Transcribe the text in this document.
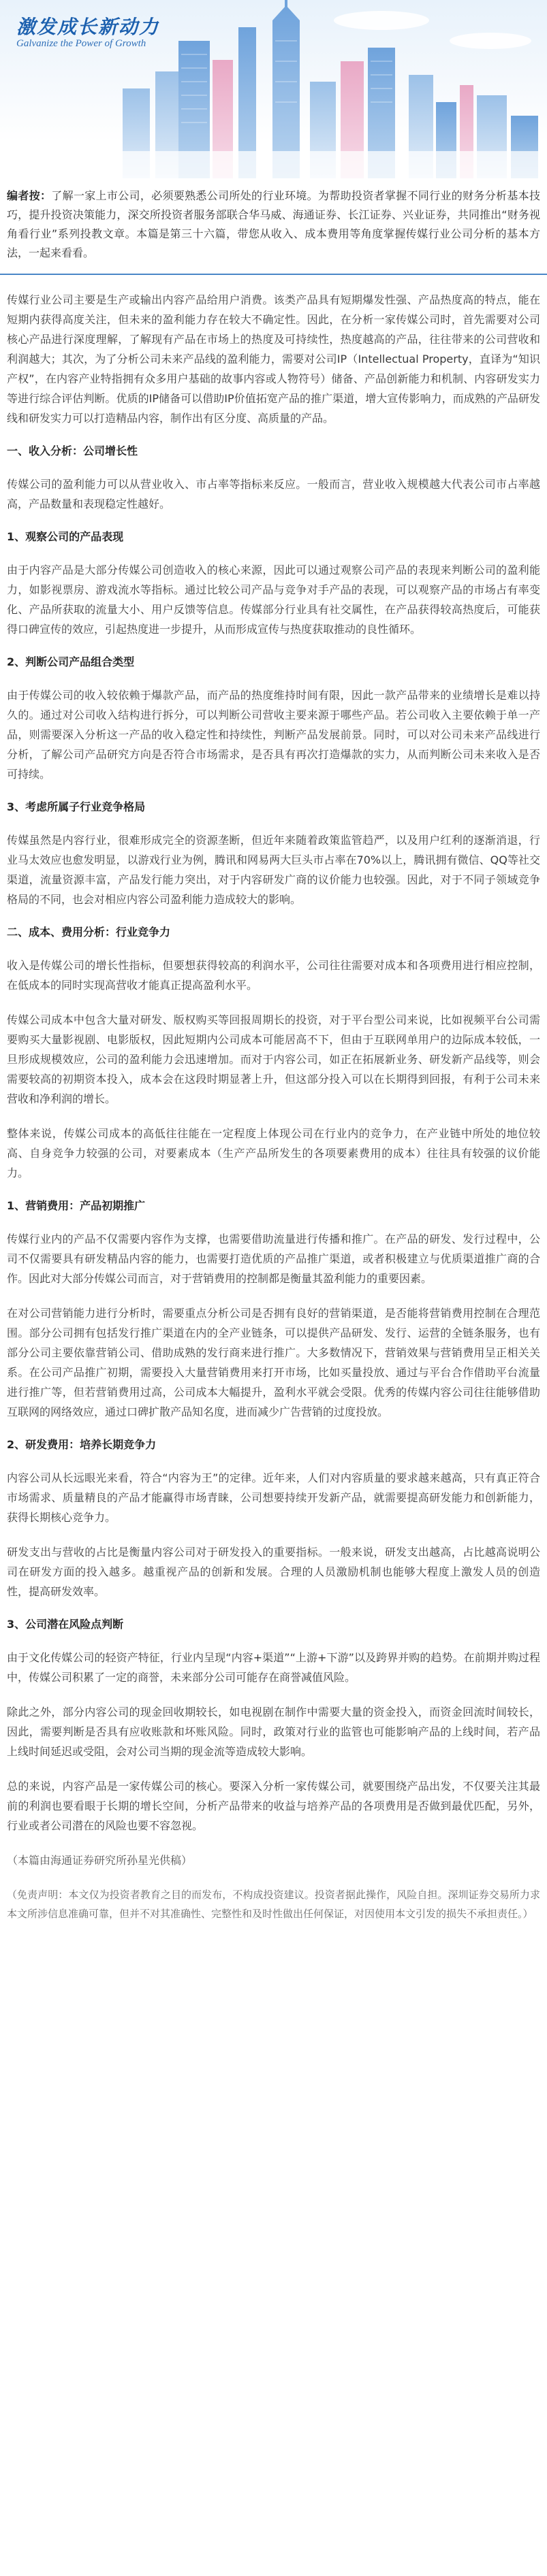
激发成长新动力
Galvanize the Power of Growth
编者按：了解一家上市公司，必须要熟悉公司所处的行业环境。为帮助投资者掌握不同行业的财务分析基本技巧，提升投资决策能力，深交所投资者服务部联合华马威、海通证券、长江证券、兴业证券，共同推出“财务视角看行业”系列投教文章。本篇是第三十六篇，带您从收入、成本费用等角度掌握传媒行业公司分析的基本方法，一起来看看。

传媒行业公司主要是生产或输出内容产品给用户消费。该类产品具有短期爆发性强、产品热度高的特点，能在短期内获得高度关注，但未来的盈利能力存在较大不确定性。因此，在分析一家传媒公司时，首先需要对公司核心产品进行深度理解，了解现有产品在市场上的热度及可持续性，热度越高的产品，往往带来的公司营收和利润越大；其次，为了分析公司未来产品线的盈利能力，需要对公司IP（Intellectual Property，直译为“知识产权”，在内容产业特指拥有众多用户基础的故事内容或人物符号）储备、产品创新能力和机制、内容研发实力等进行综合评估判断。优质的IP储备可以借助IP价值拓宽产品的推广渠道，增大宣传影响力，而成熟的产品研发线和研发实力可以打造精品内容，制作出有区分度、高质量的产品。

一、收入分析：公司增长性

传媒公司的盈利能力可以从营业收入、市占率等指标来反应。一般而言，营业收入规模越大代表公司市占率越高，产品数量和表现稳定性越好。

1、观察公司的产品表现

由于内容产品是大部分传媒公司创造收入的核心来源，因此可以通过观察公司产品的表现来判断公司的盈利能力，如影视票房、游戏流水等指标。通过比较公司产品与竞争对手产品的表现，可以观察产品的市场占有率变化、产品所获取的流量大小、用户反馈等信息。传媒部分行业具有社交属性，在产品获得较高热度后，可能获得口碑宣传的效应，引起热度进一步提升，从而形成宣传与热度获取推动的良性循环。

2、判断公司产品组合类型

由于传媒公司的收入较依赖于爆款产品，而产品的热度维持时间有限，因此一款产品带来的业绩增长是难以持久的。通过对公司收入结构进行拆分，可以判断公司营收主要来源于哪些产品。若公司收入主要依赖于单一产品，则需要深入分析这一产品的收入稳定性和持续性，判断产品发展前景。同时，可以对公司未来产品线进行分析，了解公司产品研究方向是否符合市场需求，是否具有再次打造爆款的实力，从而判断公司未来收入是否可持续。

3、考虑所属子行业竞争格局

传媒虽然是内容行业，很难形成完全的资源垄断，但近年来随着政策监管趋严，以及用户红利的逐渐消退，行业马太效应也愈发明显，以游戏行业为例，腾讯和网易两大巨头市占率在70%以上，腾讯拥有微信、QQ等社交渠道，流量资源丰富，产品发行能力突出，对于内容研发广商的议价能力也较强。因此，对于不同子领域竞争格局的不同，也会对相应内容公司盈利能力造成较大的影响。

二、成本、费用分析：行业竞争力

收入是传媒公司的增长性指标，但要想获得较高的利润水平，公司往往需要对成本和各项费用进行相应控制，在低成本的同时实现高营收才能真正提高盈利水平。

传媒公司成本中包含大量对研发、版权购买等回报周期长的投资，对于平台型公司来说，比如视频平台公司需要购买大量影视剧、电影版权，因此短期内公司成本可能居高不下，但由于互联网单用户的边际成本较低，一旦形成规模效应，公司的盈利能力会迅速增加。而对于内容公司，如正在拓展新业务、研发新产品线等，则会需要较高的初期资本投入，成本会在这段时期显著上升，但这部分投入可以在长期得到回报，有利于公司未来营收和净利润的增长。

整体来说，传媒公司成本的高低往往能在一定程度上体现公司在行业内的竞争力，在产业链中所处的地位较高、自身竞争力较强的公司，对要素成本（生产产品所发生的各项要素费用的成本）往往具有较强的议价能力。

1、营销费用：产品初期推广

传媒行业内的产品不仅需要内容作为支撑，也需要借助流量进行传播和推广。在产品的研发、发行过程中，公司不仅需要具有研发精品内容的能力，也需要打造优质的产品推广渠道，或者积极建立与优质渠道推广商的合作。因此对大部分传媒公司而言，对于营销费用的控制都是衡量其盈利能力的重要因素。

在对公司营销能力进行分析时，需要重点分析公司是否拥有良好的营销渠道，是否能将营销费用控制在合理范围。部分公司拥有包括发行推广渠道在内的全产业链条，可以提供产品研发、发行、运营的全链条服务，也有部分公司主要依靠营销公司、借助成熟的发行商来进行推广。大多数情况下，营销效果与营销费用呈正相关关系。在公司产品推广初期，需要投入大量营销费用来打开市场，比如买量投放、通过与平台合作借助平台流量进行推广等，但若营销费用过高，公司成本大幅提升，盈利水平就会受限。优秀的传媒内容公司往往能够借助互联网的网络效应，通过口碑扩散产品知名度，进而减少广告营销的过度投放。

2、研发费用：培养长期竞争力

内容公司从长远眼光来看，符合“内容为王”的定律。近年来，人们对内容质量的要求越来越高，只有真正符合市场需求、质量精良的产品才能赢得市场青睐，公司想要持续开发新产品，就需要提高研发能力和创新能力，获得长期核心竞争力。

研发支出与营收的占比是衡量内容公司对于研发投入的重要指标。一般来说，研发支出越高，占比越高说明公司在研发方面的投入越多。越重视产品的创新和发展。合理的人员激励机制也能够大程度上激发人员的创造性，提高研发效率。

3、公司潜在风险点判断

由于文化传媒公司的轻资产特征，行业内呈现“内容+渠道”“上游+下游”以及跨界并购的趋势。在前期并购过程中，传媒公司积累了一定的商誉，未来部分公司可能存在商誉减值风险。

除此之外，部分内容公司的现金回收期较长，如电视剧在制作中需要大量的资金投入，而资金回流时间较长，因此，需要判断是否具有应收账款和坏账风险。同时，政策对行业的监管也可能影响产品的上线时间，若产品上线时间延迟或受阻，会对公司当期的现金流等造成较大影响。

总的来说，内容产品是一家传媒公司的核心。要深入分析一家传媒公司，就要围绕产品出发，不仅要关注其最前的利润也要看眼于长期的增长空间，分析产品带来的收益与培养产品的各项费用是否做到最优匹配，另外，行业或者公司潜在的风险也要不容忽视。

（本篇由海通证券研究所孙星光供稿）
（免责声明：本文仅为投资者教育之目的而发布，不构成投资建议。投资者据此操作，风险自担。深圳证券交易所力求本文所涉信息准确可靠，但并不对其准确性、完整性和及时性做出任何保证，对因使用本文引发的损失不承担责任。）
